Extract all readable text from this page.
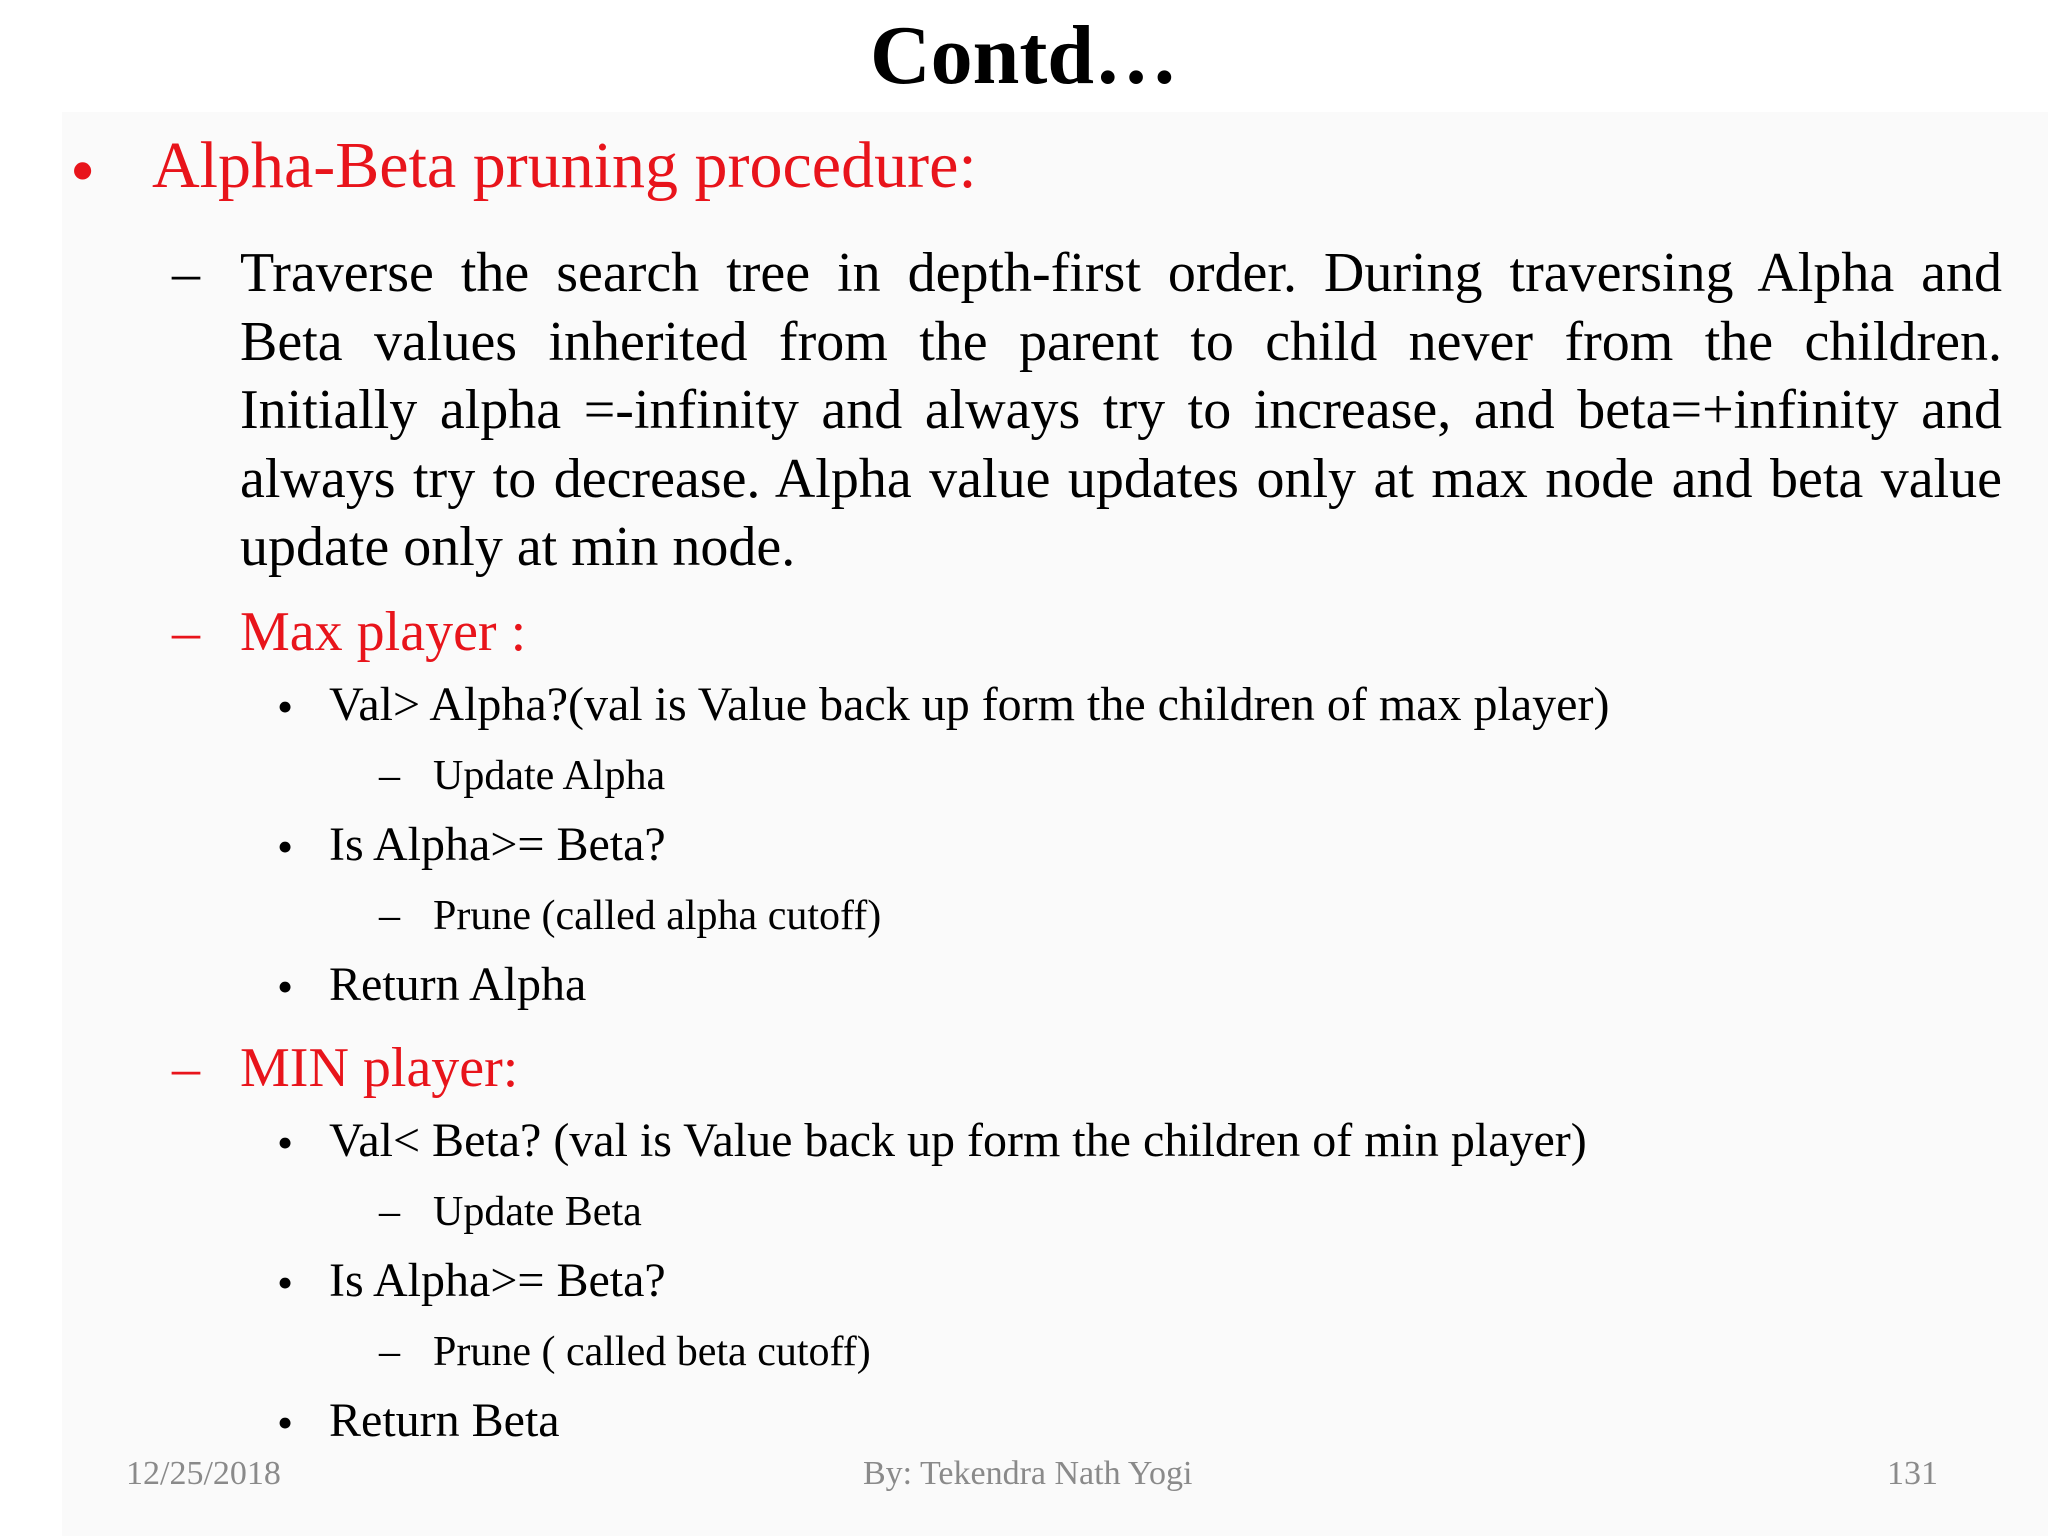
Contd…
• Alpha-Beta pruning procedure:
– Traverse the search tree in depth-first order. During traversing Alpha and
Beta values inherited from the parent to child never from the children.
Initially alpha =-infinity and always try to increase, and beta=+infinity and
always try to decrease. Alpha value updates only at max node and beta value
update only at min node.
– Max player :
• Val> Alpha?(val is Value back up form the children of max player)
– Update Alpha
• Is Alpha>= Beta?
– Prune (called alpha cutoff)
• Return Alpha
– MIN player:
• Val< Beta? (val is Value back up form the children of min player)
– Update Beta
• Is Alpha>= Beta?
– Prune ( called beta cutoff)
• Return Beta
12/25/2018	By: Tekendra Nath Yogi	131
